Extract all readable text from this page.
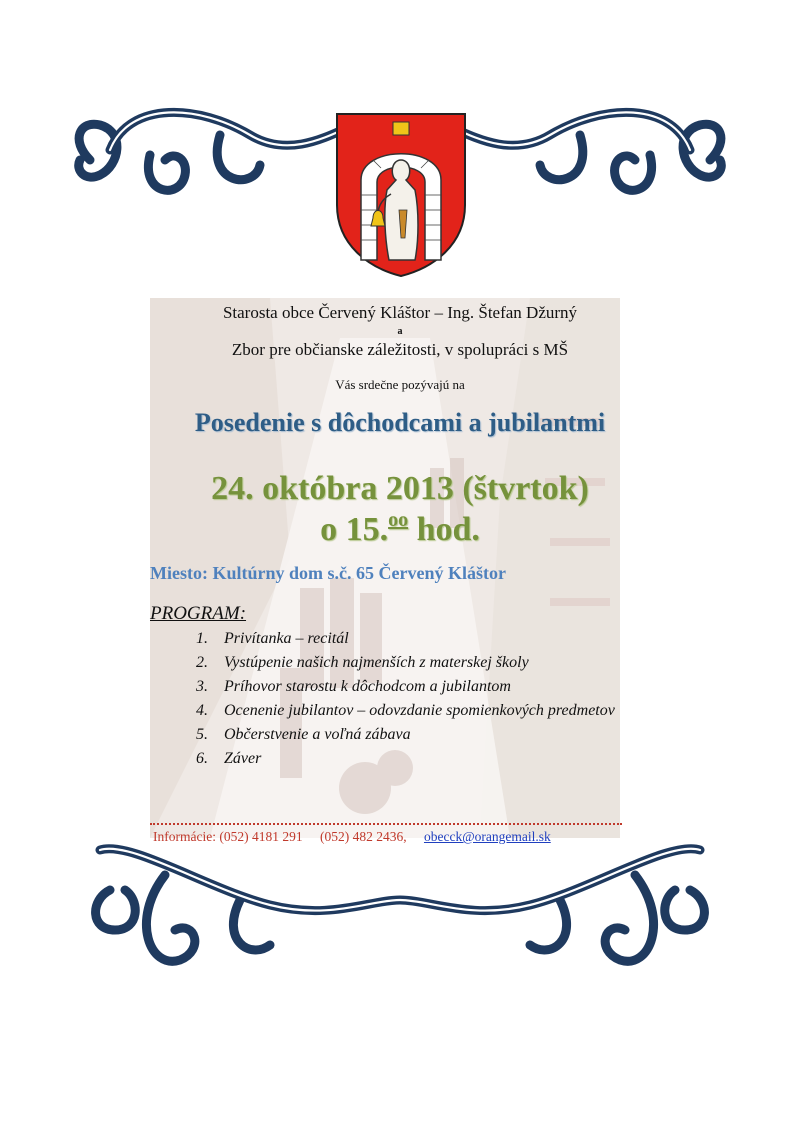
Starosta obce Červený Kláštor – Ing. Štefan Džurný
a
Zbor pre občianske záležitosti, v spolupráci s MŠ
Vás srdečne pozývajú na
Posedenie s dôchodcami a jubilantmi
24. októbra 2013 (štvrtok)
o 15.$^{oo}$ hod.
Miesto: Kultúrny dom s.č. 65 Červený Kláštor
PROGRAM:
1. Privítanka – recitál
2. Vystúpenie našich najmenších z materskej školy
3. Príhovor starostu k dôchodcom a jubilantom
4. Ocenenie jubilantov – odovzdanie spomienkových predmetov
5. Občerstvenie a voľná zábava
6. Záver
Informácie: (052) 4181 291 (052) 482 2436, obecck@orangemail.sk
